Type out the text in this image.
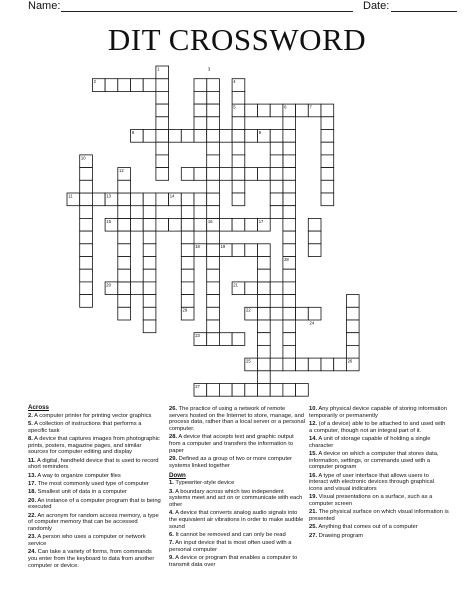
Name:	Date:
DIT CROSSWORD
1
2
3
4
5	6	7
8	9
10
11
12
13	14
15	16	17
18	19
20	21
22
23
24
25	26
27
28
29
Across
2. A computer printer for printing vector graphics
5. A collection of instructions that performs a specific task
8. A device that captures images from photographic prints, posters, magazine pages, and similar sources for computer editing and display
11. A digital, handheld device that is used to record short reminders
13. A way to organize computer files
17. The most commonly used type of computer
18. Smallest unit of data in a computer
20. An instance of a computer program that is being executed
22. An acronym for random access memory, a type of computer memory that can be accessed randomly
23. A person who uses a computer or network service
24. Can take a variety of forms, from commands you enter from the keyboard to data from another computer or device.
26. The practice of using a network of remote servers hosted on the Internet to store, manage, and process data, rather than a local server or a personal computer.
28. A device that accepts text and graphic output from a computer and transfers the information to paper
29. Defined as a group of two or more computer systems linked together
Down
1. Typewriter-style device
3. A boundary across which two independent systems meet and act on or communicate with each other
4. A device that converts analog audio signals into the equivalent air vibrations in order to make audible sound
6. It cannot be removed and can only be read
7. An input device that is most often used with a personal computer
9. A device or program that enables a computer to transmit data over
10. Any physical device capable of storing information temporarily or permanently
12. (of a device) able to be attached to and used with a computer, though not an integral part of it.
14. A unit of storage capable of holding a single character
15. A device on which a computer that stores data, information, settings, or commands used with a computer program
16. A type of user interface that allows users to interact with electronic devices through graphical icons and visual indicators
19. Visual presentations on a surface, such as a computer screen
21. The physical surface on which visual information is presented
25. Anything that comes out of a computer
27. Drawing program
